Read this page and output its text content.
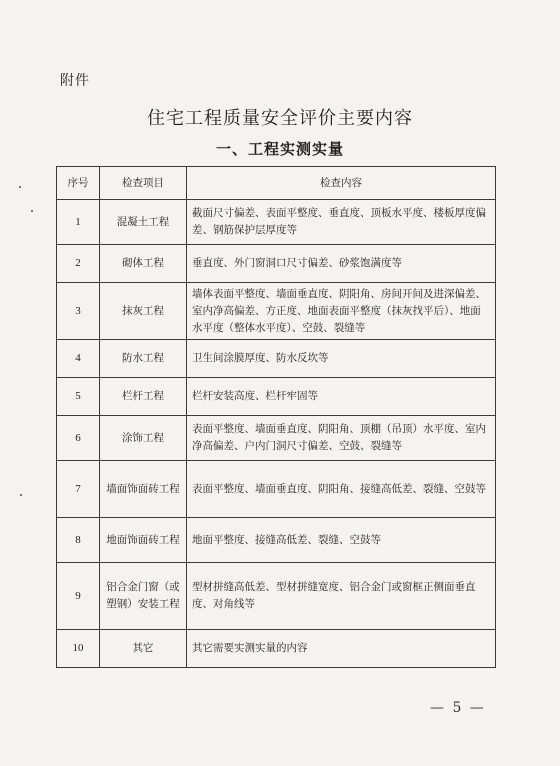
附件
住宅工程质量安全评价主要内容
一、工程实测实量
序号	检查项目	检查内容
1	混凝土工程	截面尺寸偏差、表面平整度、垂直度、顶板水平度、楼板厚度偏差、钢筋保护层厚度等
2	砌体工程	垂直度、外门窗洞口尺寸偏差、砂浆饱满度等
3	抹灰工程	墙体表面平整度、墙面垂直度、阴阳角、房间开间及进深偏差、室内净高偏差、方正度、地面表面平整度（抹灰找平后）、地面水平度（整体水平度）、空鼓、裂缝等
4	防水工程	卫生间涂膜厚度、防水反坎等
5	栏杆工程	栏杆安装高度、栏杆牢固等
6	涂饰工程	表面平整度、墙面垂直度、阴阳角、顶棚（吊顶）水平度、室内净高偏差、户内门洞尺寸偏差、空鼓、裂缝等
7	墙面饰面砖工程	表面平整度、墙面垂直度、阴阳角、接缝高低差、裂缝、空鼓等
8	地面饰面砖工程	地面平整度、接缝高低差、裂缝、空鼓等
9	铝合金门窗（或塑钢）安装工程	型材拼缝高低差、型材拼缝宽度、铝合金门或窗框正侧面垂直度、对角线等
10	其它	其它需要实测实量的内容
— 5 —
